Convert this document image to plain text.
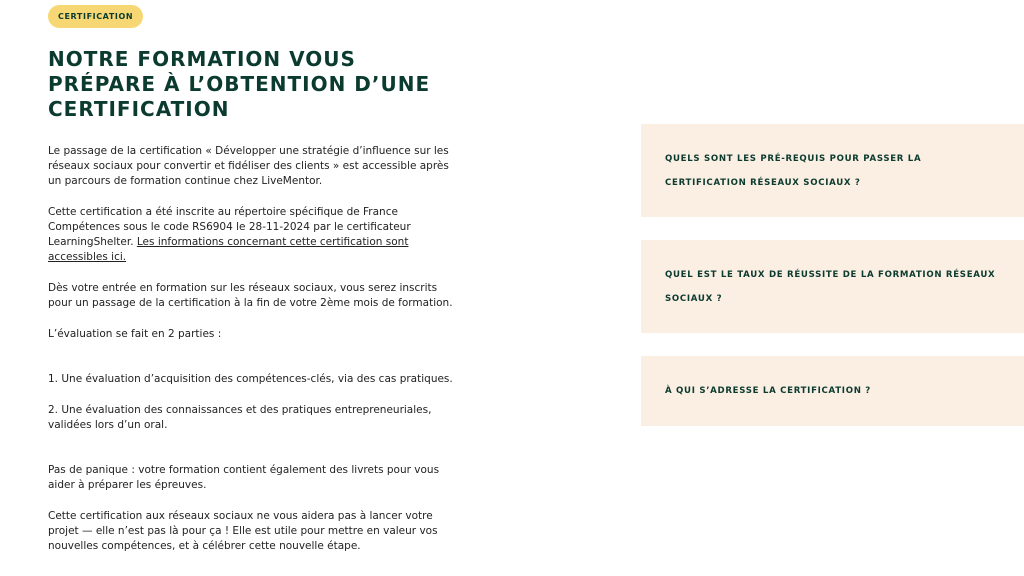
CERTIFICATION
NOTRE FORMATION VOUS PRÉPARE À L’OBTENTION D’UNE CERTIFICATION

Le passage de la certification « Développer une stratégie d’influence sur les réseaux sociaux pour convertir et fidéliser des clients » est accessible après un parcours de formation continue chez LiveMentor.

Cette certification a été inscrite au répertoire spécifique de France Compétences sous le code RS6904 le 28-11-2024 par le certificateur LearningShelter. Les informations concernant cette certification sont accessibles ici.

Dès votre entrée en formation sur les réseaux sociaux, vous serez inscrits pour un passage de la certification à la fin de votre 2ème mois de formation.

L’évaluation se fait en 2 parties :

1. Une évaluation d’acquisition des compétences-clés, via des cas pratiques.

2. Une évaluation des connaissances et des pratiques entrepreneuriales, validées lors d’un oral.

Pas de panique : votre formation contient également des livrets pour vous aider à préparer les épreuves.

Cette certification aux réseaux sociaux ne vous aidera pas à lancer votre projet — elle n’est pas là pour ça ! Elle est utile pour mettre en valeur vos nouvelles compétences, et à célébrer cette nouvelle étape.

QUELS SONT LES PRÉ-REQUIS POUR PASSER LA CERTIFICATION RÉSEAUX SOCIAUX ?
QUEL EST LE TAUX DE RÉUSSITE DE LA FORMATION RÉSEAUX SOCIAUX ?
À QUI S’ADRESSE LA CERTIFICATION ?
